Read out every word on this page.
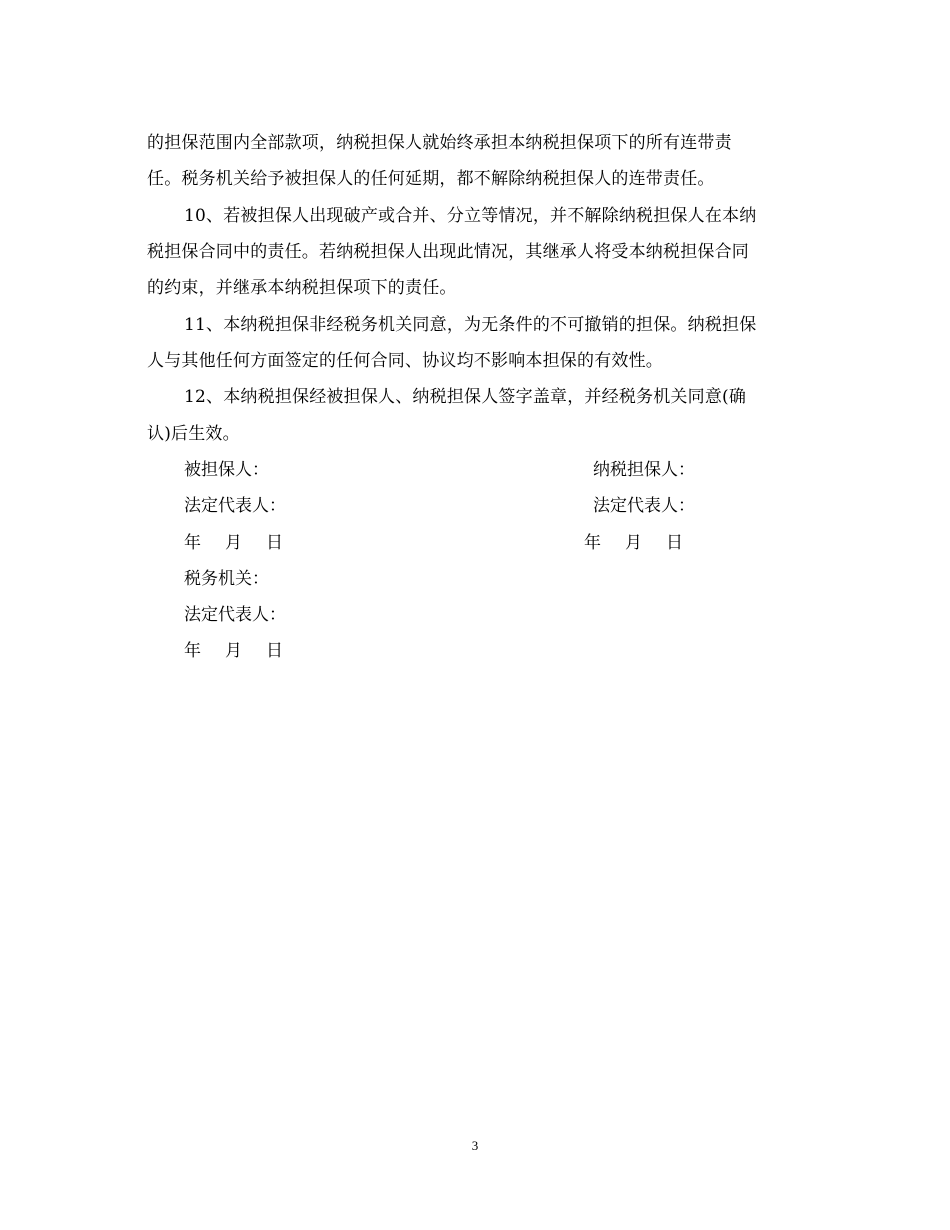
的担保范围内全部款项，纳税担保人就始终承担本纳税担保项下的所有连带责
任。税务机关给予被担保人的任何延期，都不解除纳税担保人的连带责任。
10、若被担保人出现破产或合并、分立等情况，并不解除纳税担保人在本纳
税担保合同中的责任。若纳税担保人出现此情况，其继承人将受本纳税担保合同
的约束，并继承本纳税担保项下的责任。
11、本纳税担保非经税务机关同意，为无条件的不可撤销的担保。纳税担保
人与其他任何方面签定的任何合同、协议均不影响本担保的有效性。
12、本纳税担保经被担保人、纳税担保人签字盖章，并经税务机关同意(确
认)后生效。
被担保人：	纳税担保人：
法定代表人：	法定代表人：
年 月 日	年 月 日
税务机关：
法定代表人：
年 月 日
3
